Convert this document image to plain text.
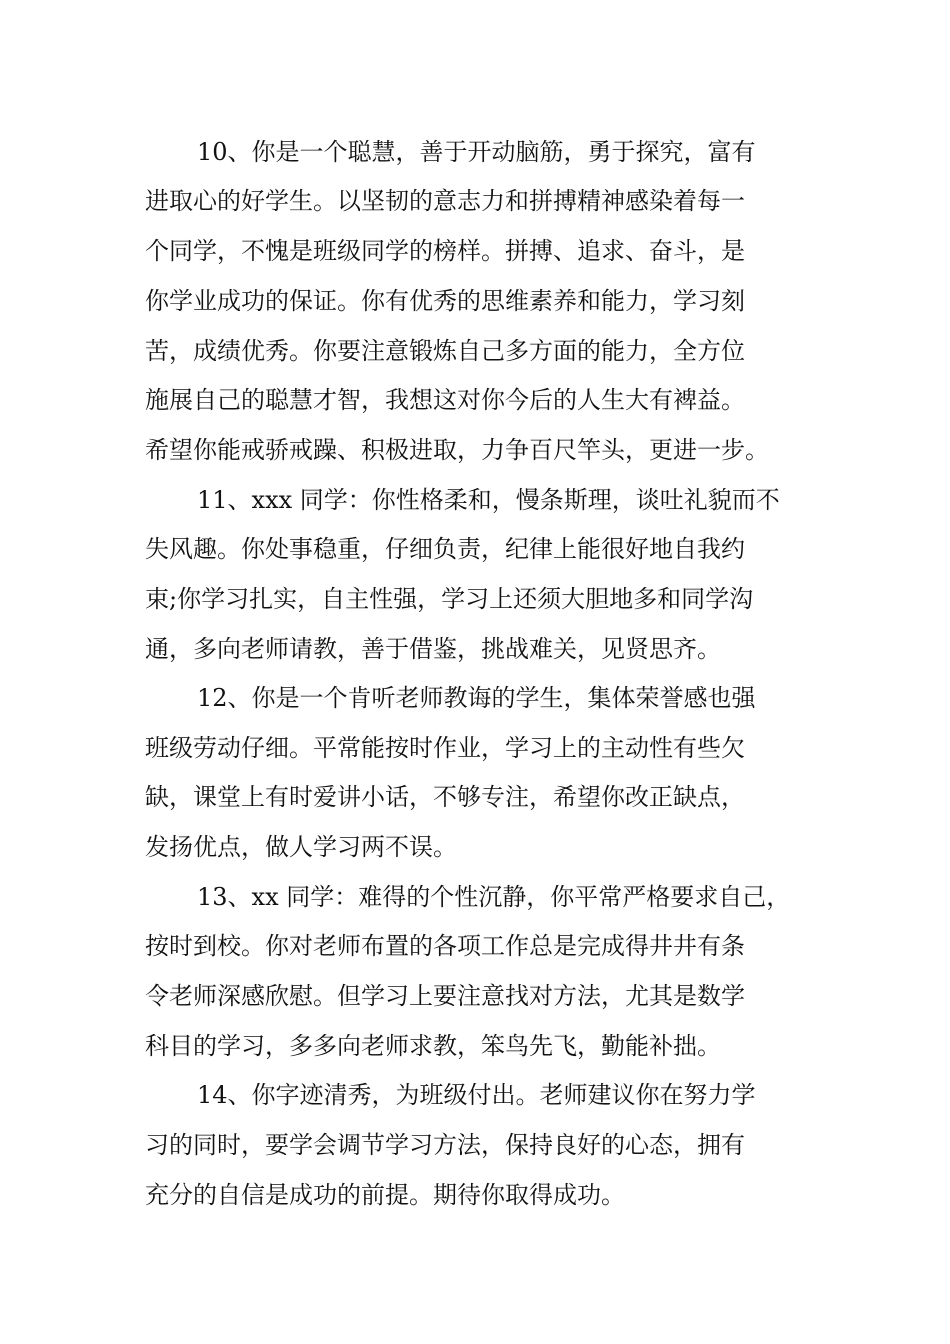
10、你是一个聪慧，善于开动脑筋，勇于探究，富有
进取心的好学生。以坚韧的意志力和拼搏精神感染着每一
个同学，不愧是班级同学的榜样。拼搏、追求、奋斗，是
你学业成功的保证。你有优秀的思维素养和能力，学习刻
苦，成绩优秀。你要注意锻炼自己多方面的能力，全方位
施展自己的聪慧才智，我想这对你今后的人生大有裨益。
希望你能戒骄戒躁、积极进取，力争百尺竿头，更进一步。
11、xxx 同学：你性格柔和，慢条斯理，谈吐礼貌而不
失风趣。你处事稳重，仔细负责，纪律上能很好地自我约
束;你学习扎实，自主性强，学习上还须大胆地多和同学沟
通，多向老师请教，善于借鉴，挑战难关，见贤思齐。
12、你是一个肯听老师教诲的学生，集体荣誉感也强
班级劳动仔细。平常能按时作业，学习上的主动性有些欠
缺，课堂上有时爱讲小话，不够专注，希望你改正缺点，
发扬优点，做人学习两不误。
13、xx 同学：难得的个性沉静，你平常严格要求自己，
按时到校。你对老师布置的各项工作总是完成得井井有条
令老师深感欣慰。但学习上要注意找对方法，尤其是数学
科目的学习，多多向老师求教，笨鸟先飞，勤能补拙。
14、你字迹清秀，为班级付出。老师建议你在努力学
习的同时，要学会调节学习方法，保持良好的心态，拥有
充分的自信是成功的前提。期待你取得成功。
